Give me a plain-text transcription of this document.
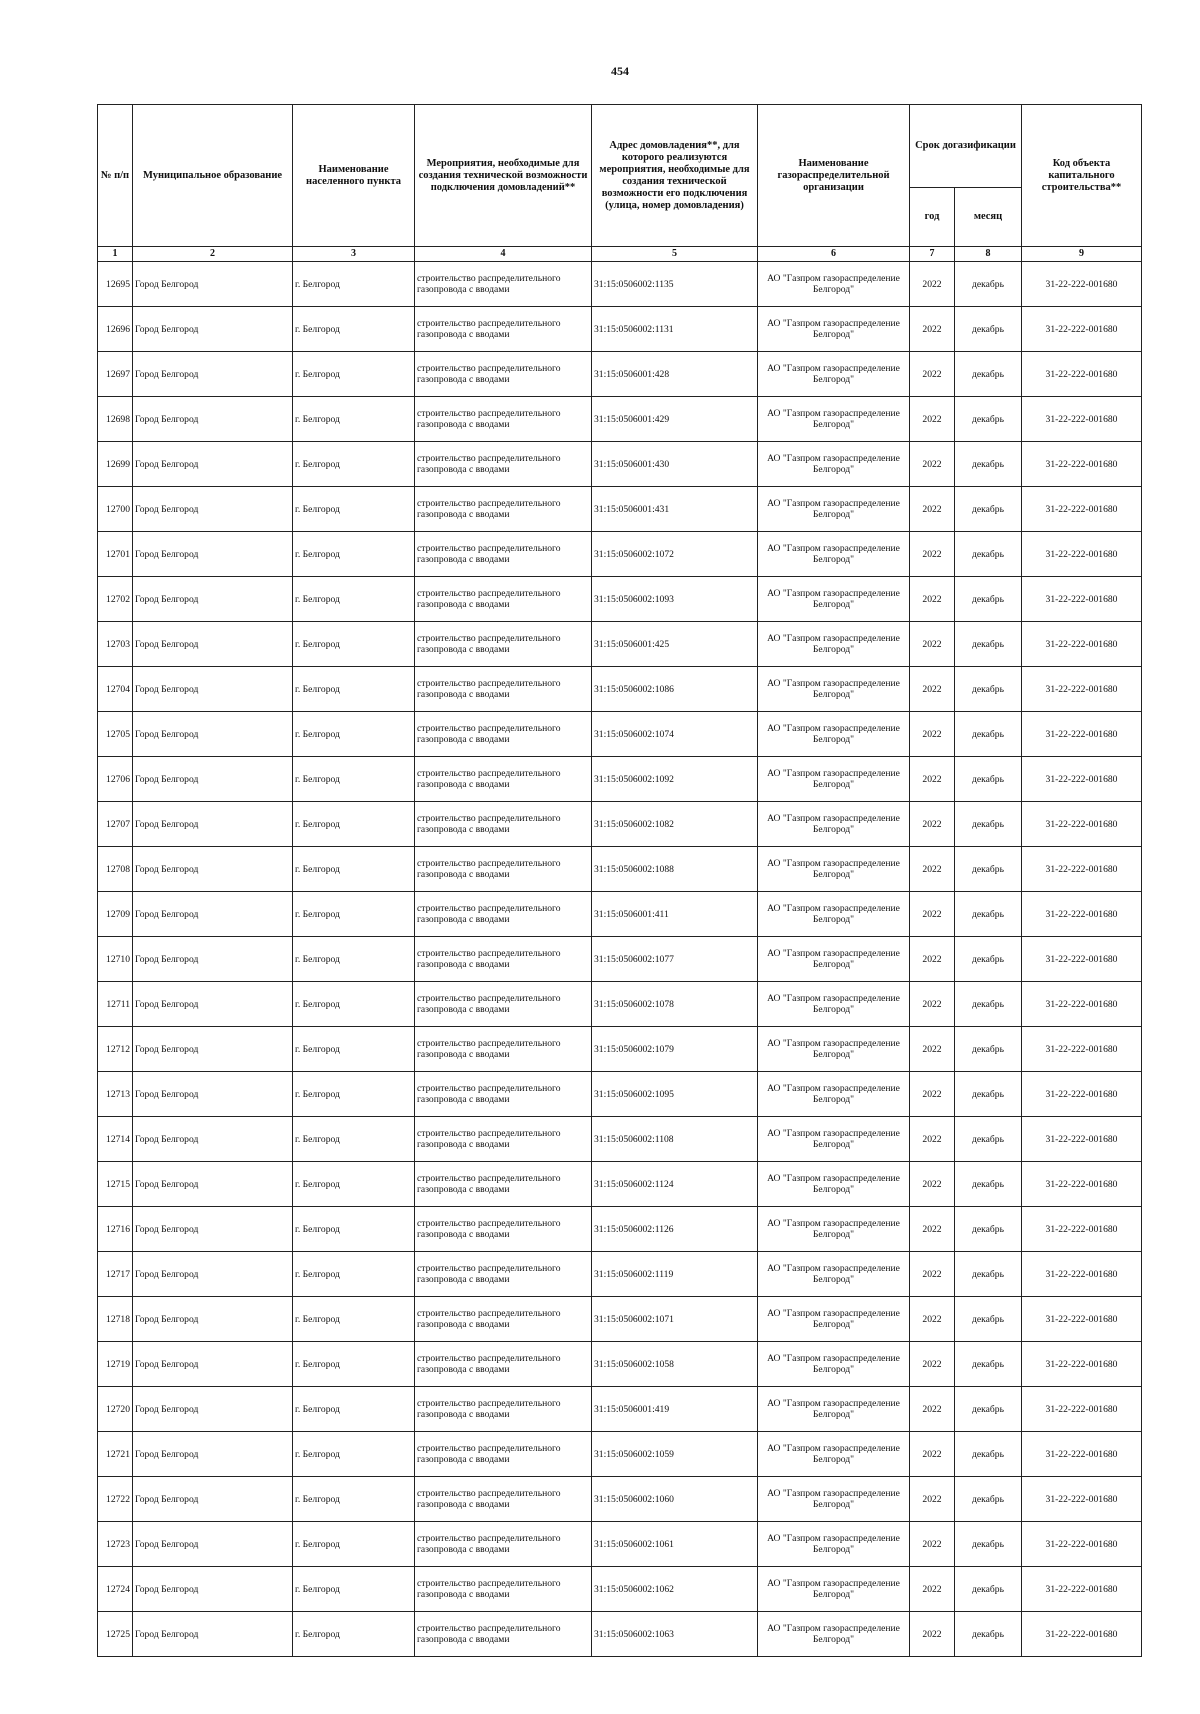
454
№ п/п	Муниципальное образование	Наименование населенного пункта	Мероприятия, необходимые для создания технической возможности подключения домовладений**	Адрес домовладения**, для которого реализуются мероприятия, необходимые для создания технической возможности его подключения (улица, номер домовладения)	Наименование газораспределительной организации	Срок догазификации		Код объекта капитального строительства**
						год	месяц	
1	2	3	4	5	6	7	8	9
12695	Город Белгород	г. Белгород	строительство распределительного газопровода с вводами	31:15:0506002:1135	АО "Газпром газораспределение Белгород"	2022	декабрь	31-22-222-001680
12696	Город Белгород	г. Белгород	строительство распределительного газопровода с вводами	31:15:0506002:1131	АО "Газпром газораспределение Белгород"	2022	декабрь	31-22-222-001680
12697	Город Белгород	г. Белгород	строительство распределительного газопровода с вводами	31:15:0506001:428	АО "Газпром газораспределение Белгород"	2022	декабрь	31-22-222-001680
12698	Город Белгород	г. Белгород	строительство распределительного газопровода с вводами	31:15:0506001:429	АО "Газпром газораспределение Белгород"	2022	декабрь	31-22-222-001680
12699	Город Белгород	г. Белгород	строительство распределительного газопровода с вводами	31:15:0506001:430	АО "Газпром газораспределение Белгород"	2022	декабрь	31-22-222-001680
12700	Город Белгород	г. Белгород	строительство распределительного газопровода с вводами	31:15:0506001:431	АО "Газпром газораспределение Белгород"	2022	декабрь	31-22-222-001680
12701	Город Белгород	г. Белгород	строительство распределительного газопровода с вводами	31:15:0506002:1072	АО "Газпром газораспределение Белгород"	2022	декабрь	31-22-222-001680
12702	Город Белгород	г. Белгород	строительство распределительного газопровода с вводами	31:15:0506002:1093	АО "Газпром газораспределение Белгород"	2022	декабрь	31-22-222-001680
12703	Город Белгород	г. Белгород	строительство распределительного газопровода с вводами	31:15:0506001:425	АО "Газпром газораспределение Белгород"	2022	декабрь	31-22-222-001680
12704	Город Белгород	г. Белгород	строительство распределительного газопровода с вводами	31:15:0506002:1086	АО "Газпром газораспределение Белгород"	2022	декабрь	31-22-222-001680
12705	Город Белгород	г. Белгород	строительство распределительного газопровода с вводами	31:15:0506002:1074	АО "Газпром газораспределение Белгород"	2022	декабрь	31-22-222-001680
12706	Город Белгород	г. Белгород	строительство распределительного газопровода с вводами	31:15:0506002:1092	АО "Газпром газораспределение Белгород"	2022	декабрь	31-22-222-001680
12707	Город Белгород	г. Белгород	строительство распределительного газопровода с вводами	31:15:0506002:1082	АО "Газпром газораспределение Белгород"	2022	декабрь	31-22-222-001680
12708	Город Белгород	г. Белгород	строительство распределительного газопровода с вводами	31:15:0506002:1088	АО "Газпром газораспределение Белгород"	2022	декабрь	31-22-222-001680
12709	Город Белгород	г. Белгород	строительство распределительного газопровода с вводами	31:15:0506001:411	АО "Газпром газораспределение Белгород"	2022	декабрь	31-22-222-001680
12710	Город Белгород	г. Белгород	строительство распределительного газопровода с вводами	31:15:0506002:1077	АО "Газпром газораспределение Белгород"	2022	декабрь	31-22-222-001680
12711	Город Белгород	г. Белгород	строительство распределительного газопровода с вводами	31:15:0506002:1078	АО "Газпром газораспределение Белгород"	2022	декабрь	31-22-222-001680
12712	Город Белгород	г. Белгород	строительство распределительного газопровода с вводами	31:15:0506002:1079	АО "Газпром газораспределение Белгород"	2022	декабрь	31-22-222-001680
12713	Город Белгород	г. Белгород	строительство распределительного газопровода с вводами	31:15:0506002:1095	АО "Газпром газораспределение Белгород"	2022	декабрь	31-22-222-001680
12714	Город Белгород	г. Белгород	строительство распределительного газопровода с вводами	31:15:0506002:1108	АО "Газпром газораспределение Белгород"	2022	декабрь	31-22-222-001680
12715	Город Белгород	г. Белгород	строительство распределительного газопровода с вводами	31:15:0506002:1124	АО "Газпром газораспределение Белгород"	2022	декабрь	31-22-222-001680
12716	Город Белгород	г. Белгород	строительство распределительного газопровода с вводами	31:15:0506002:1126	АО "Газпром газораспределение Белгород"	2022	декабрь	31-22-222-001680
12717	Город Белгород	г. Белгород	строительство распределительного газопровода с вводами	31:15:0506002:1119	АО "Газпром газораспределение Белгород"	2022	декабрь	31-22-222-001680
12718	Город Белгород	г. Белгород	строительство распределительного газопровода с вводами	31:15:0506002:1071	АО "Газпром газораспределение Белгород"	2022	декабрь	31-22-222-001680
12719	Город Белгород	г. Белгород	строительство распределительного газопровода с вводами	31:15:0506002:1058	АО "Газпром газораспределение Белгород"	2022	декабрь	31-22-222-001680
12720	Город Белгород	г. Белгород	строительство распределительного газопровода с вводами	31:15:0506001:419	АО "Газпром газораспределение Белгород"	2022	декабрь	31-22-222-001680
12721	Город Белгород	г. Белгород	строительство распределительного газопровода с вводами	31:15:0506002:1059	АО "Газпром газораспределение Белгород"	2022	декабрь	31-22-222-001680
12722	Город Белгород	г. Белгород	строительство распределительного газопровода с вводами	31:15:0506002:1060	АО "Газпром газораспределение Белгород"	2022	декабрь	31-22-222-001680
12723	Город Белгород	г. Белгород	строительство распределительного газопровода с вводами	31:15:0506002:1061	АО "Газпром газораспределение Белгород"	2022	декабрь	31-22-222-001680
12724	Город Белгород	г. Белгород	строительство распределительного газопровода с вводами	31:15:0506002:1062	АО "Газпром газораспределение Белгород"	2022	декабрь	31-22-222-001680
12725	Город Белгород	г. Белгород	строительство распределительного газопровода с вводами	31:15:0506002:1063	АО "Газпром газораспределение Белгород"	2022	декабрь	31-22-222-001680
